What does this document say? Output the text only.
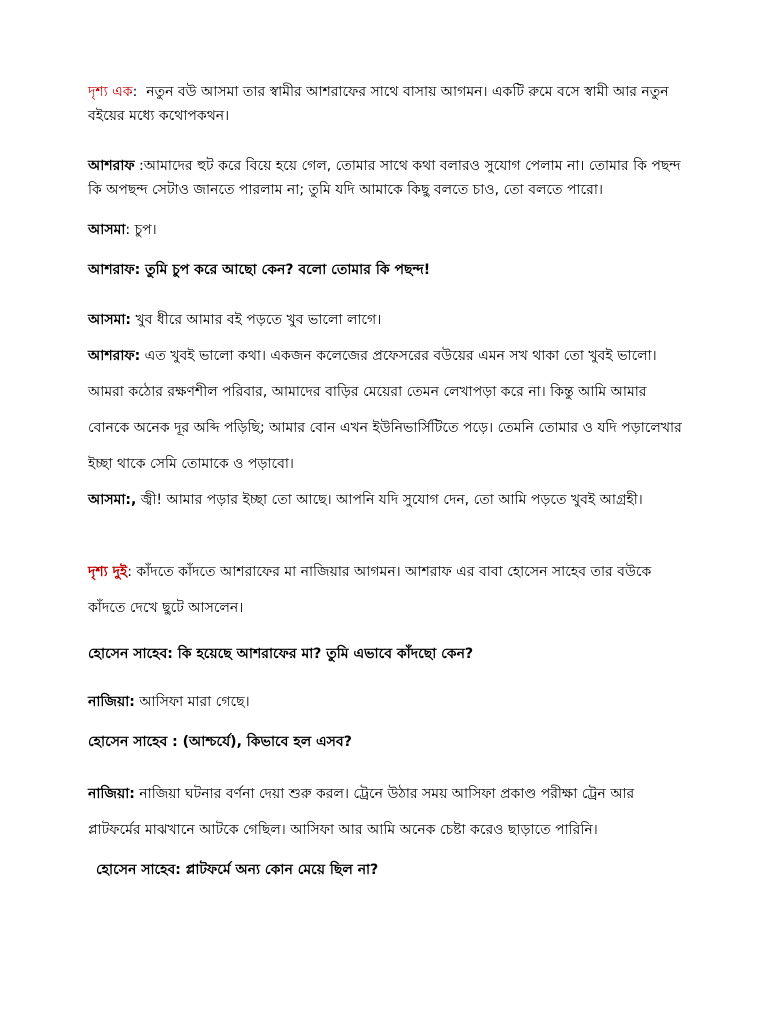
দৃশ্য এক: নতুন বউ আসমা তার স্বামীর আশরাফের সাথে বাসায় আগমন। একটি রুমে বসে স্বামী আর নতুন বইয়ের মধ্যে কথোপকথন।

আশরাফ :আমাদের হুট করে বিয়ে হয়ে গেল, তোমার সাথে কথা বলারও সুযোগ পেলাম না। তোমার কি পছন্দ কি অপছন্দ সেটাও জানতে পারলাম না; তুমি যদি আমাকে কিছু বলতে চাও, তো বলতে পারো।

আসমা: চুপ।

আশরাফ: তুমি চুপ করে আছো কেন? বলো তোমার কি পছন্দ!

আসমা: খুব ধীরে আমার বই পড়তে খুব ভালো লাগে।

আশরাফ: এত খুবই ভালো কথা। একজন কলেজের প্রফেসরের বউয়ের এমন সখ থাকা তো খুবই ভালো। আমরা কঠোর রক্ষণশীল পরিবার, আমাদের বাড়ির মেয়েরা তেমন লেখাপড়া করে না। কিন্তু আমি আমার বোনকে অনেক দূর অব্দি পড়িছি; আমার বোন এখন ইউনিভার্সিটিতে পড়ে। তেমনি তোমার ও যদি পড়ালেখার ইচ্ছা থাকে সেমি তোমাকে ও পড়াবো।

আসমা:, জ্বী! আমার পড়ার ইচ্ছা তো আছে। আপনি যদি সুযোগ দেন, তো আমি পড়তে খুবই আগ্রহী।

দৃশ্য দুই: কাঁদতে কাঁদতে আশরাফের মা নাজিয়ার আগমন। আশরাফ এর বাবা হোসেন সাহেব তার বউকে কাঁদতে দেখে ছুটে আসলেন।

হোসেন সাহেব: কি হয়েছে আশরাফের মা? তুমি এভাবে কাঁদছো কেন?

নাজিয়া: আসিফা মারা গেছে।

হোসেন সাহেব : (আশ্চর্যে), কিভাবে হল এসব?

নাজিয়া: নাজিয়া ঘটনার বর্ণনা দেয়া শুরু করল। ট্রেনে উঠার সময় আসিফা প্রকাণ্ড পরীক্ষা ট্রেন আর প্লাটফর্মের মাঝখানে আটকে গেছিল। আসিফা আর আমি অনেক চেষ্টা করেও ছাড়াতে পারিনি।

হোসেন সাহেব: প্লাটফর্মে অন্য কোন মেয়ে ছিল না?
